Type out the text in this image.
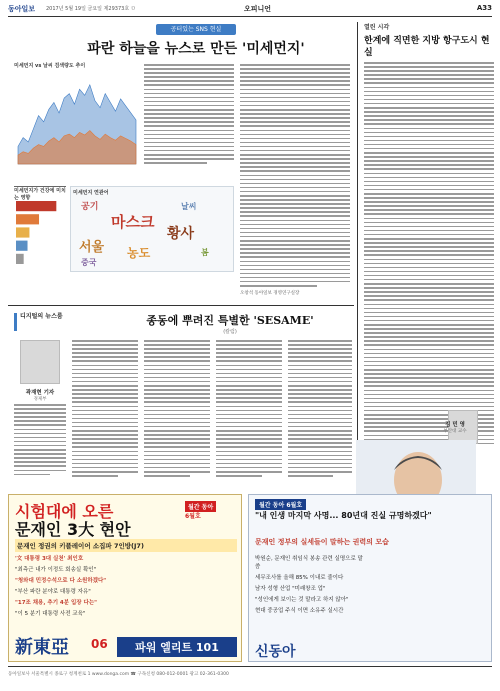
동아일보 2017년 5월 19일 금요일 제29373호 ㅁ	오피니언	A33
공터있는 SNS 현실
파란 하늘을 뉴스로 만든 '미세먼지'
미세먼지 vs 날씨 검색량도 추이
미세먼지가 건강에 미치는 영향
미세먼지 연관어
공기	날씨
마스크
서울
황사
농도	봄
중국
오창석 동아일보 경영연구실장
열린 시각
한계에 직면한 지방 항구도시 현실
김 민 영
부산대 교수
디지털의 뉴스룸	종동에 뿌려진 특별한 'SESAME'
(칼럼)
곽재현 기자
경제부
시험대에 오른
문재인 3大 현안
월간 동아
6월호
문재인 정권의 키플레이어 소집파 7인방(J7)
'文 대통령 3대 실천' 최인호
"최측근 내가 이정도 회송실 확인"
"청와대 민정수석으로 다 소원하겠다"
"부산 파란 분야로 대통령 자유"
"17조 채용, 추기 4분 입장 다는"
"이 5 분기 대통령 사전 교육"
新東亞 06	파워 엘리트 101
월간 동아 6월호
"내 인생 마지막 사명... 80년대 진실 규명하겠다"
문재인 정부의 실세들이 말하는 권력의 모습
박원순, 문재인 취임식 봉송 관련 실명으로 말씀
세무조사를 올해 85% 이내로 줄이다
남자 성형 산업 "미래창조 업"
"성인에게 보이는 것 말라고 하지 않아"
현대 중공업 주식 이면 소유주 실시간
신동아
동아일보사 서울특별시 종로구 청계천로 1 www.donga.com ☎ 구독신청 080-012-0001 광고 02-361-0300
